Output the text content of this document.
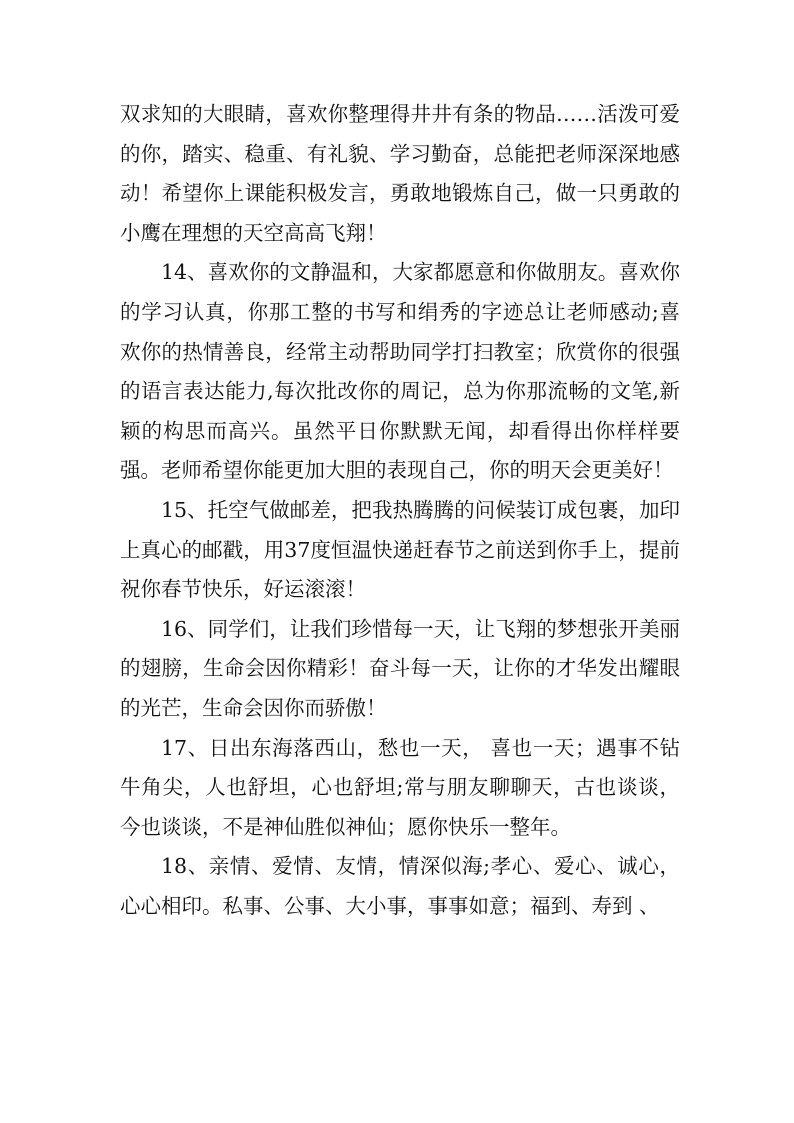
双求知的大眼睛，喜欢你整理得井井有条的物品……活泼可爱的你，踏实、稳重、有礼貌、学习勤奋，总能把老师深深地感动！希望你上课能积极发言，勇敢地锻炼自己，做一只勇敢的小鹰在理想的天空高高飞翔！

14、喜欢你的文静温和，大家都愿意和你做朋友。喜欢你的学习认真，你那工整的书写和绢秀的字迹总让老师感动;喜欢你的热情善良，经常主动帮助同学打扫教室；欣赏你的很强的语言表达能力,每次批改你的周记，总为你那流畅的文笔,新颖的构思而高兴。虽然平日你默默无闻，却看得出你样样要强。老师希望你能更加大胆的表现自己，你的明天会更美好！

15、托空气做邮差，把我热腾腾的问候装订成包裹，加印上真心的邮戳，用37度恒温快递赶春节之前送到你手上，提前祝你春节快乐，好运滚滚！

16、同学们，让我们珍惜每一天，让飞翔的梦想张开美丽的翅膀，生命会因你精彩！奋斗每一天，让你的才华发出耀眼的光芒，生命会因你而骄傲！

17、日出东海落西山，愁也一天， 喜也一天；遇事不钻牛角尖，人也舒坦，心也舒坦;常与朋友聊聊天，古也谈谈，今也谈谈，不是神仙胜似神仙；愿你快乐一整年。

18、亲情、爱情、友情，情深似海;孝心、爱心、诚心，心心相印。私事、公事、大小事，事事如意；福到、寿到 、
